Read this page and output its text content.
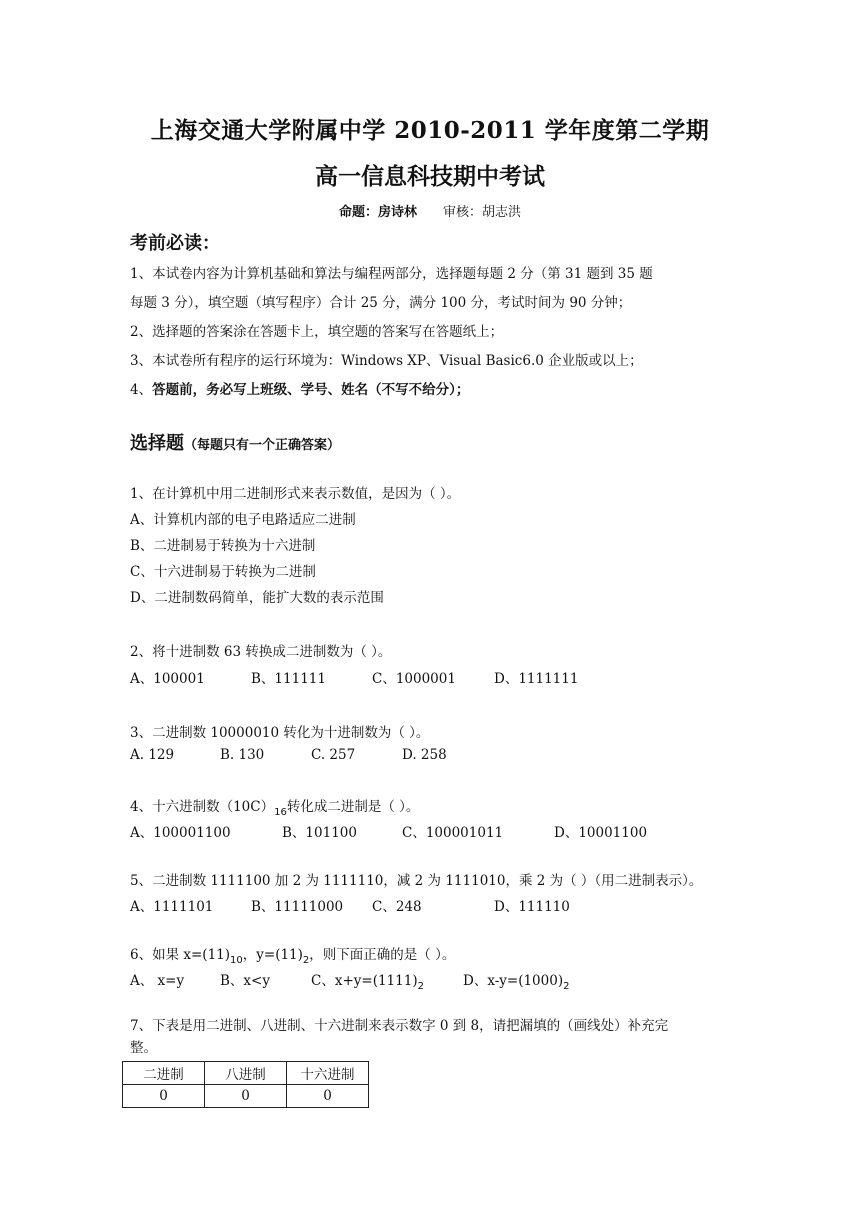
上海交通大学附属中学 2010-2011 学年度第二学期
高一信息科技期中考试
命题：房诗林 审核：胡志洪
考前必读：
1、本试卷内容为计算机基础和算法与编程两部分，选择题每题 2 分（第 31 题到 35 题
每题 3 分），填空题（填写程序）合计 25 分，满分 100 分，考试时间为 90 分钟；
2、选择题的答案涂在答题卡上，填空题的答案写在答题纸上；
3、本试卷所有程序的运行环境为：Windows XP、Visual Basic6.0 企业版或以上；
4、答题前，务必写上班级、学号、姓名（不写不给分）；
选择题（每题只有一个正确答案）
1、在计算机中用二进制形式来表示数值，是因为（ ）。
A、计算机内部的电子电路适应二进制
B、二进制易于转换为十六进制
C、十六进制易于转换为二进制
D、二进制数码简单，能扩大数的表示范围
2、将十进制数 63 转换成二进制数为（ ）。
A、100001	B、111111	C、1000001	D、1111111
3、二进制数 10000010 转化为十进制数为（ ）。
A. 129	B. 130	C. 257	D. 258
4、十六进制数$(10C)_{16}$转化成二进制是（ ）。
A、100001100	B、101100	C、100001011	D、10001100
5、二进制数 1111100 加 2 为 1111110，减 2 为 1111010，乘 2 为（ ）（用二进制表示）。
A、1111101	B、11111000 C、248	D、111110
6、如果 $x=(11)_{10}$，$y=(11)_2$，则下面正确的是（ ）。
A、 x=y	B、x<y	C、$x+y=(1111)_2$	D、$x-y=(1000)_2$
7、下表是用二进制、八进制、十六进制来表示数字 0 到 8，请把漏填的（画线处）补充完
整。
二进制	八进制	十六进制
0	0	0
